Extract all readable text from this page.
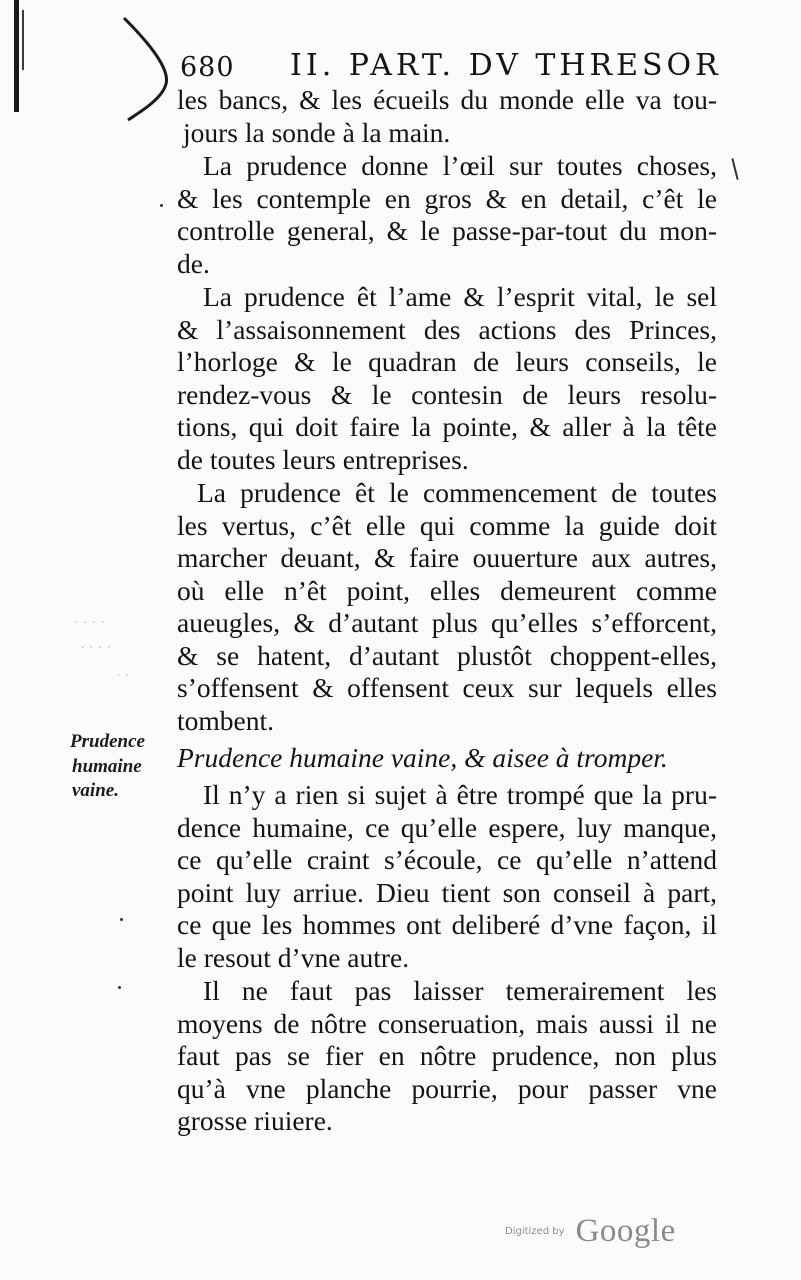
680 II. PART. DV THRESOR
· · · ·
· · · ·
· ·
les bancs, & les écueils du monde elle va tou-
jours la sonde à la main.
La prudence donne l’œil sur toutes choses,
& les contemple en gros & en detail, c’êt le
controlle general, & le passe-par-tout du mon-
de.
La prudence êt l’ame & l’esprit vital, le sel
& l’assaisonnement des actions des Princes,
l’horloge & le quadran de leurs conseils, le
rendez-vous & le contesin de leurs resolu-
tions, qui doit faire la pointe, & aller à la tête
de toutes leurs entreprises.
La prudence êt le commencement de toutes
les vertus, c’êt elle qui comme la guide doit
marcher deuant, & faire ouuerture aux autres,
où elle n’êt point, elles demeurent comme
aueugles, & d’autant plus qu’elles s’efforcent,
& se hatent, d’autant plustôt choppent-elles,
s’offensent & offensent ceux sur lequels elles
tombent.
Prudence humaine vaine, & aisee à tromper.
Il n’y a rien si sujet à être trompé que la pru-
dence humaine, ce qu’elle espere, luy manque,
ce qu’elle craint s’écoule, ce qu’elle n’attend
point luy arriue. Dieu tient son conseil à part,
ce que les hommes ont deliberé d’vne façon, il
le resout d’vne autre.
Il ne faut pas laisser temerairement les
moyens de nôtre conseruation, mais aussi il ne
faut pas se fier en nôtre prudence, non plus
qu’à vne planche pourrie, pour passer vne
grosse riuiere.
Prudence
humaine
vaine.
Digitized by Google
